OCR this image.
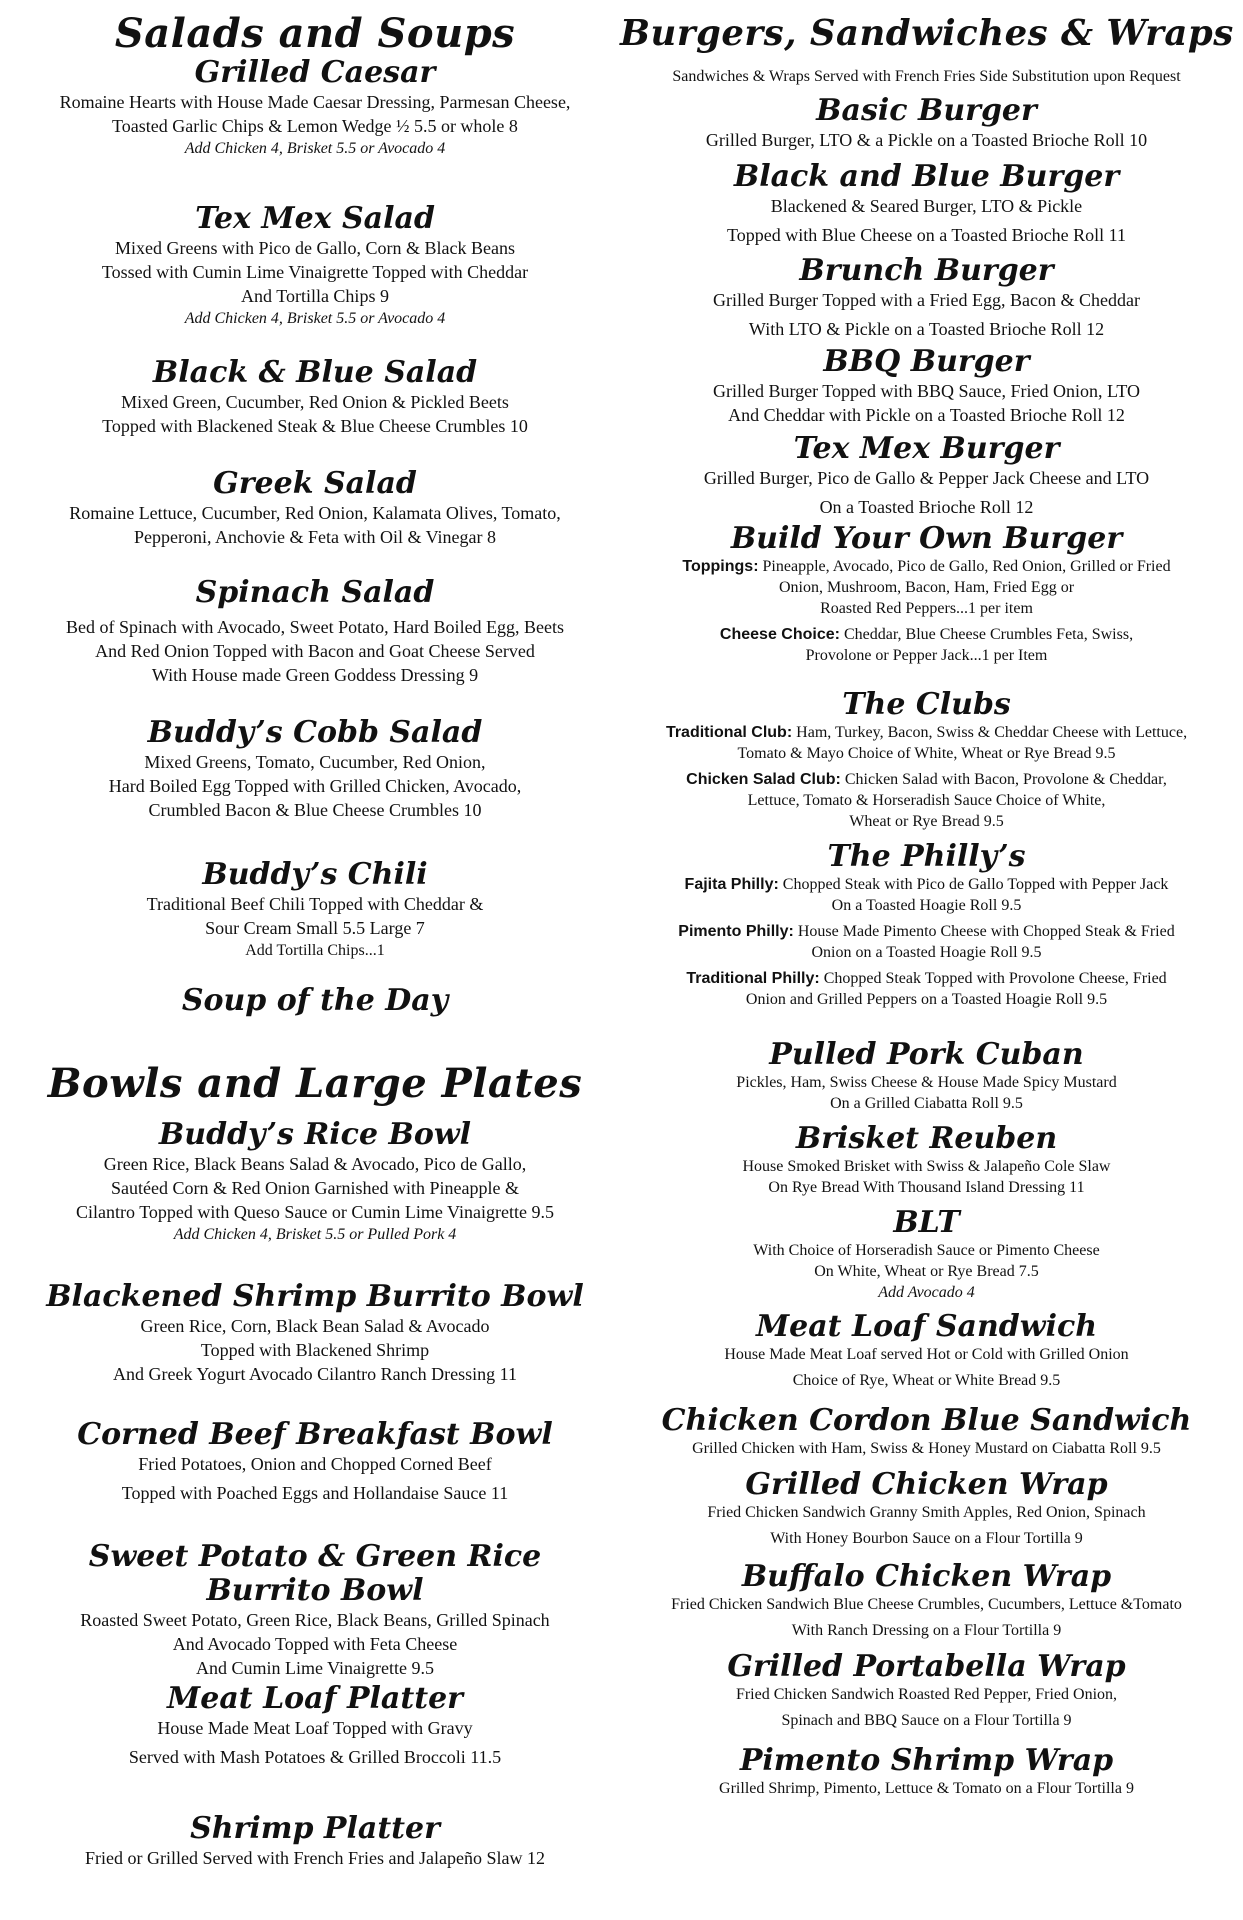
Salads and Soups
Grilled Caesar
Romaine Hearts with House Made Caesar Dressing, Parmesan Cheese,
Toasted Garlic Chips & Lemon Wedge ½ 5.5 or whole 8
Add Chicken 4, Brisket 5.5 or Avocado 4
Tex Mex Salad
Mixed Greens with Pico de Gallo, Corn & Black Beans
Tossed with Cumin Lime Vinaigrette Topped with Cheddar
And Tortilla Chips 9
Add Chicken 4, Brisket 5.5 or Avocado 4
Black & Blue Salad
Mixed Green, Cucumber, Red Onion & Pickled Beets
Topped with Blackened Steak & Blue Cheese Crumbles 10
Greek Salad
Romaine Lettuce, Cucumber, Red Onion, Kalamata Olives, Tomato,
Pepperoni, Anchovie & Feta with Oil & Vinegar 8
Spinach Salad
Bed of Spinach with Avocado, Sweet Potato, Hard Boiled Egg, Beets
And Red Onion Topped with Bacon and Goat Cheese Served
With House made Green Goddess Dressing 9
Buddy’s Cobb Salad
Mixed Greens, Tomato, Cucumber, Red Onion,
Hard Boiled Egg Topped with Grilled Chicken, Avocado,
Crumbled Bacon & Blue Cheese Crumbles 10
Buddy’s Chili
Traditional Beef Chili Topped with Cheddar &
Sour Cream Small 5.5 Large 7
Add Tortilla Chips...1
Soup of the Day
Bowls and Large Plates
Buddy’s Rice Bowl
Green Rice, Black Beans Salad & Avocado, Pico de Gallo,
Sautéed Corn & Red Onion Garnished with Pineapple &
Cilantro Topped with Queso Sauce or Cumin Lime Vinaigrette 9.5
Add Chicken 4, Brisket 5.5 or Pulled Pork 4
Blackened Shrimp Burrito Bowl
Green Rice, Corn, Black Bean Salad & Avocado
Topped with Blackened Shrimp
And Greek Yogurt Avocado Cilantro Ranch Dressing 11
Corned Beef Breakfast Bowl
Fried Potatoes, Onion and Chopped Corned Beef
Topped with Poached Eggs and Hollandaise Sauce 11
Sweet Potato & Green Rice
Burrito Bowl
Roasted Sweet Potato, Green Rice, Black Beans, Grilled Spinach
And Avocado Topped with Feta Cheese
And Cumin Lime Vinaigrette 9.5
Meat Loaf Platter
House Made Meat Loaf Topped with Gravy
Served with Mash Potatoes & Grilled Broccoli 11.5
Shrimp Platter
Fried or Grilled Served with French Fries and Jalapeño Slaw 12
Burgers, Sandwiches & Wraps
Sandwiches & Wraps Served with French Fries Side Substitution upon Request
Basic Burger
Grilled Burger, LTO & a Pickle on a Toasted Brioche Roll 10
Black and Blue Burger
Blackened & Seared Burger, LTO & Pickle
Topped with Blue Cheese on a Toasted Brioche Roll 11
Brunch Burger
Grilled Burger Topped with a Fried Egg, Bacon & Cheddar
With LTO & Pickle on a Toasted Brioche Roll 12
BBQ Burger
Grilled Burger Topped with BBQ Sauce, Fried Onion, LTO
And Cheddar with Pickle on a Toasted Brioche Roll 12
Tex Mex Burger
Grilled Burger, Pico de Gallo & Pepper Jack Cheese and LTO
On a Toasted Brioche Roll 12
Build Your Own Burger
Toppings: Pineapple, Avocado, Pico de Gallo, Red Onion, Grilled or Fried
Onion, Mushroom, Bacon, Ham, Fried Egg or
Roasted Red Peppers...1 per item
Cheese Choice: Cheddar, Blue Cheese Crumbles Feta, Swiss,
Provolone or Pepper Jack...1 per Item
The Clubs
Traditional Club: Ham, Turkey, Bacon, Swiss & Cheddar Cheese with Lettuce,
Tomato & Mayo Choice of White, Wheat or Rye Bread 9.5
Chicken Salad Club: Chicken Salad with Bacon, Provolone & Cheddar,
Lettuce, Tomato & Horseradish Sauce Choice of White,
Wheat or Rye Bread 9.5
The Philly’s
Fajita Philly: Chopped Steak with Pico de Gallo Topped with Pepper Jack
On a Toasted Hoagie Roll 9.5
Pimento Philly: House Made Pimento Cheese with Chopped Steak & Fried
Onion on a Toasted Hoagie Roll 9.5
Traditional Philly: Chopped Steak Topped with Provolone Cheese, Fried
Onion and Grilled Peppers on a Toasted Hoagie Roll 9.5
Pulled Pork Cuban
Pickles, Ham, Swiss Cheese & House Made Spicy Mustard
On a Grilled Ciabatta Roll 9.5
Brisket Reuben
House Smoked Brisket with Swiss & Jalapeño Cole Slaw
On Rye Bread With Thousand Island Dressing 11
BLT
With Choice of Horseradish Sauce or Pimento Cheese
On White, Wheat or Rye Bread 7.5
Add Avocado 4
Meat Loaf Sandwich
House Made Meat Loaf served Hot or Cold with Grilled Onion
Choice of Rye, Wheat or White Bread 9.5
Chicken Cordon Blue Sandwich
Grilled Chicken with Ham, Swiss & Honey Mustard on Ciabatta Roll 9.5
Grilled Chicken Wrap
Fried Chicken Sandwich Granny Smith Apples, Red Onion, Spinach
With Honey Bourbon Sauce on a Flour Tortilla 9
Buffalo Chicken Wrap
Fried Chicken Sandwich Blue Cheese Crumbles, Cucumbers, Lettuce &Tomato
With Ranch Dressing on a Flour Tortilla 9
Grilled Portabella Wrap
Fried Chicken Sandwich Roasted Red Pepper, Fried Onion,
Spinach and BBQ Sauce on a Flour Tortilla 9
Pimento Shrimp Wrap
Grilled Shrimp, Pimento, Lettuce & Tomato on a Flour Tortilla 9
